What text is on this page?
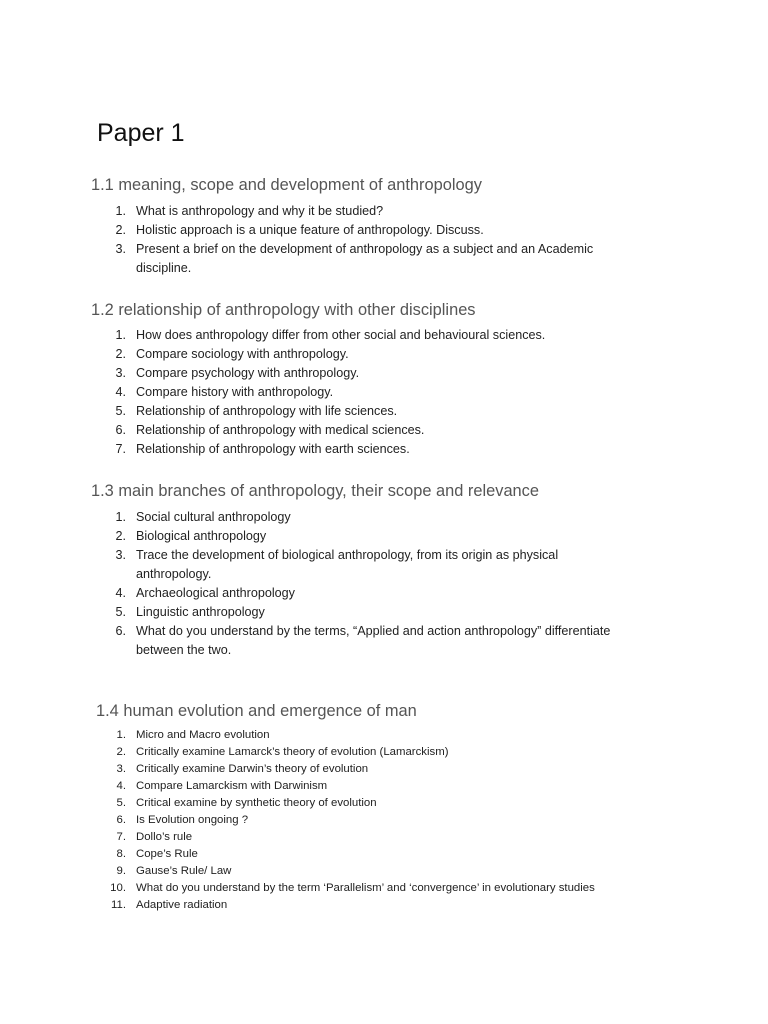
Paper 1
1.1 meaning, scope and development of anthropology
1. What is anthropology and why it be studied?
2. Holistic approach is a unique feature of anthropology. Discuss.
3. Present a brief on the development of anthropology as a subject and an Academic discipline.
1.2 relationship of anthropology with other disciplines
1. How does anthropology differ from other social and behavioural sciences.
2. Compare sociology with anthropology.
3. Compare psychology with anthropology.
4. Compare history with anthropology.
5. Relationship of anthropology with life sciences.
6. Relationship of anthropology with medical sciences.
7. Relationship of anthropology with earth sciences.
1.3 main branches of anthropology, their scope and relevance
1. Social cultural anthropology
2. Biological anthropology
3. Trace the development of biological anthropology, from its origin as physical anthropology.
4. Archaeological anthropology
5. Linguistic anthropology
6. What do you understand by the terms, “Applied and action anthropology” differentiate between the two.
1.4 human evolution and emergence of man
1. Micro and Macro evolution
2. Critically examine Lamarck’s theory of evolution (Lamarckism)
3. Critically examine Darwin’s theory of evolution
4. Compare Lamarckism with Darwinism
5. Critical examine by synthetic theory of evolution
6. Is Evolution ongoing ?
7. Dollo’s rule
8. Cope’s Rule
9. Gause’s Rule/ Law
10. What do you understand by the term ‘Parallelism’ and ‘convergence’ in evolutionary studies
11. Adaptive radiation
